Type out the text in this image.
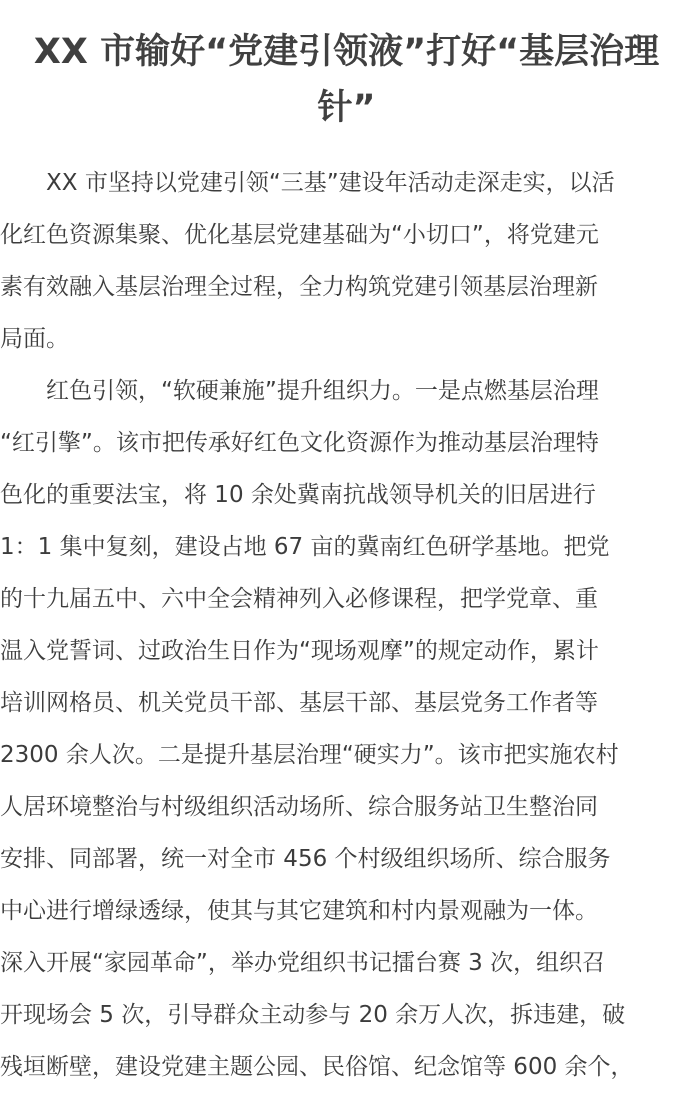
XX 市输好“党建引领液”打好“基层治理
针”
　　XX 市坚持以党建引领“三基”建设年活动走深走实，以活
化红色资源集聚、优化基层党建基础为“小切口”，将党建元
素有效融入基层治理全过程，全力构筑党建引领基层治理新
局面。
　　红色引领，“软硬兼施”提升组织力。一是点燃基层治理
“红引擎”。该市把传承好红色文化资源作为推动基层治理特
色化的重要法宝，将 10 余处冀南抗战领导机关的旧居进行
1：1 集中复刻，建设占地 67 亩的冀南红色研学基地。把党
的十九届五中、六中全会精神列入必修课程，把学党章、重
温入党誓词、过政治生日作为“现场观摩”的规定动作，累计
培训网格员、机关党员干部、基层干部、基层党务工作者等
2300 余人次。二是提升基层治理“硬实力”。该市把实施农村
人居环境整治与村级组织活动场所、综合服务站卫生整治同
安排、同部署，统一对全市 456 个村级组织场所、综合服务
中心进行增绿透绿，使其与其它建筑和村内景观融为一体。
深入开展“家园革命”，举办党组织书记擂台赛 3 次，组织召
开现场会 5 次，引导群众主动参与 20 余万人次，拆违建，破
残垣断壁，建设党建主题公园、民俗馆、纪念馆等 600 余个，
